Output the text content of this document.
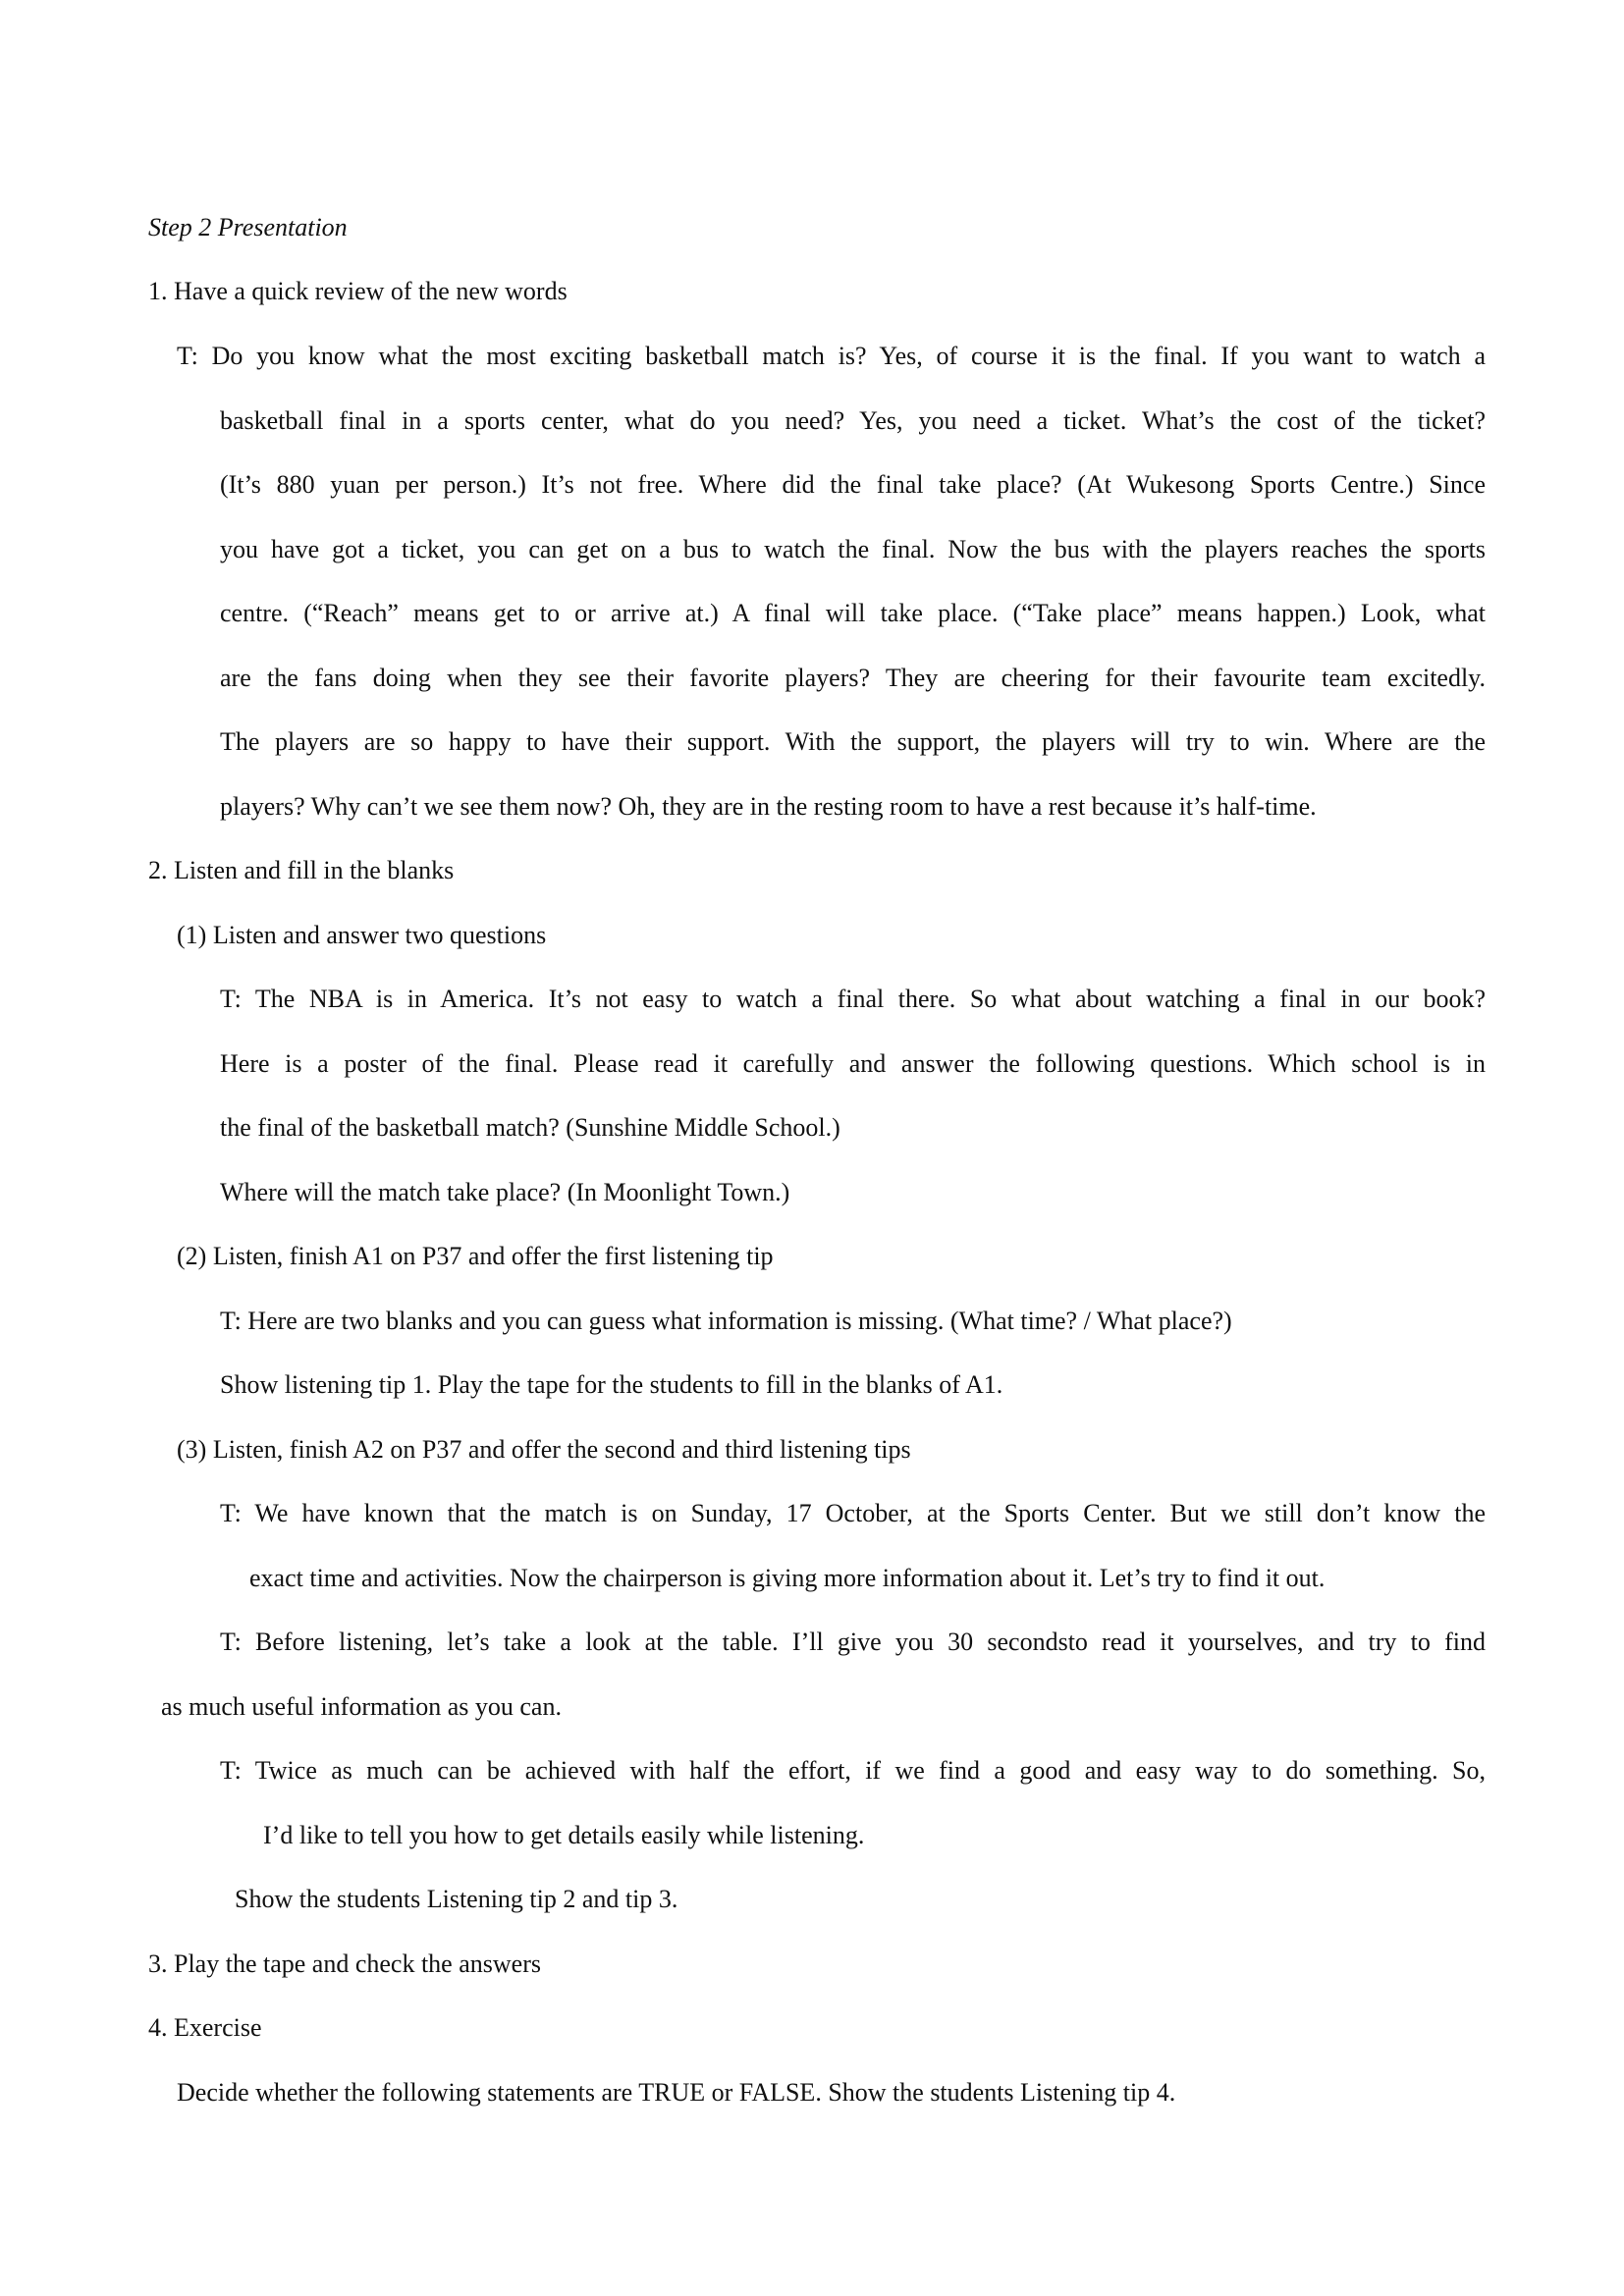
Step 2 Presentation
1. Have a quick review of the new words
T: Do you know what the most exciting basketball match is? Yes, of course it is the final. If you want to watch a
basketball final in a sports center, what do you need? Yes, you need a ticket. What’s the cost of the ticket?
(It’s 880 yuan per person.) It’s not free. Where did the final take place? (At Wukesong Sports Centre.) Since
you have got a ticket, you can get on a bus to watch the final. Now the bus with the players reaches the sports
centre. (“Reach” means get to or arrive at.) A final will take place. (“Take place” means happen.) Look, what
are the fans doing when they see their favorite players? They are cheering for their favourite team excitedly.
The players are so happy to have their support. With the support, the players will try to win. Where are the
players? Why can’t we see them now? Oh, they are in the resting room to have a rest because it’s half-time.
2. Listen and fill in the blanks
(1) Listen and answer two questions
T: The NBA is in America. It’s not easy to watch a final there. So what about watching a final in our book?
Here is a poster of the final. Please read it carefully and answer the following questions. Which school is in
the final of the basketball match? (Sunshine Middle School.)
Where will the match take place? (In Moonlight Town.)
(2) Listen, finish A1 on P37 and offer the first listening tip
T: Here are two blanks and you can guess what information is missing. (What time? / What place?)
Show listening tip 1. Play the tape for the students to fill in the blanks of A1.
(3) Listen, finish A2 on P37 and offer the second and third listening tips
T: We have known that the match is on Sunday, 17 October, at the Sports Center. But we still don’t know the
exact time and activities. Now the chairperson is giving more information about it. Let’s try to find it out.
T: Before listening, let’s take a look at the table. I’ll give you 30 secondsto read it yourselves, and try to find
as much useful information as you can.
T: Twice as much can be achieved with half the effort, if we find a good and easy way to do something. So,
I’d like to tell you how to get details easily while listening.
Show the students Listening tip 2 and tip 3.
3. Play the tape and check the answers
4. Exercise
Decide whether the following statements are TRUE or FALSE. Show the students Listening tip 4.
